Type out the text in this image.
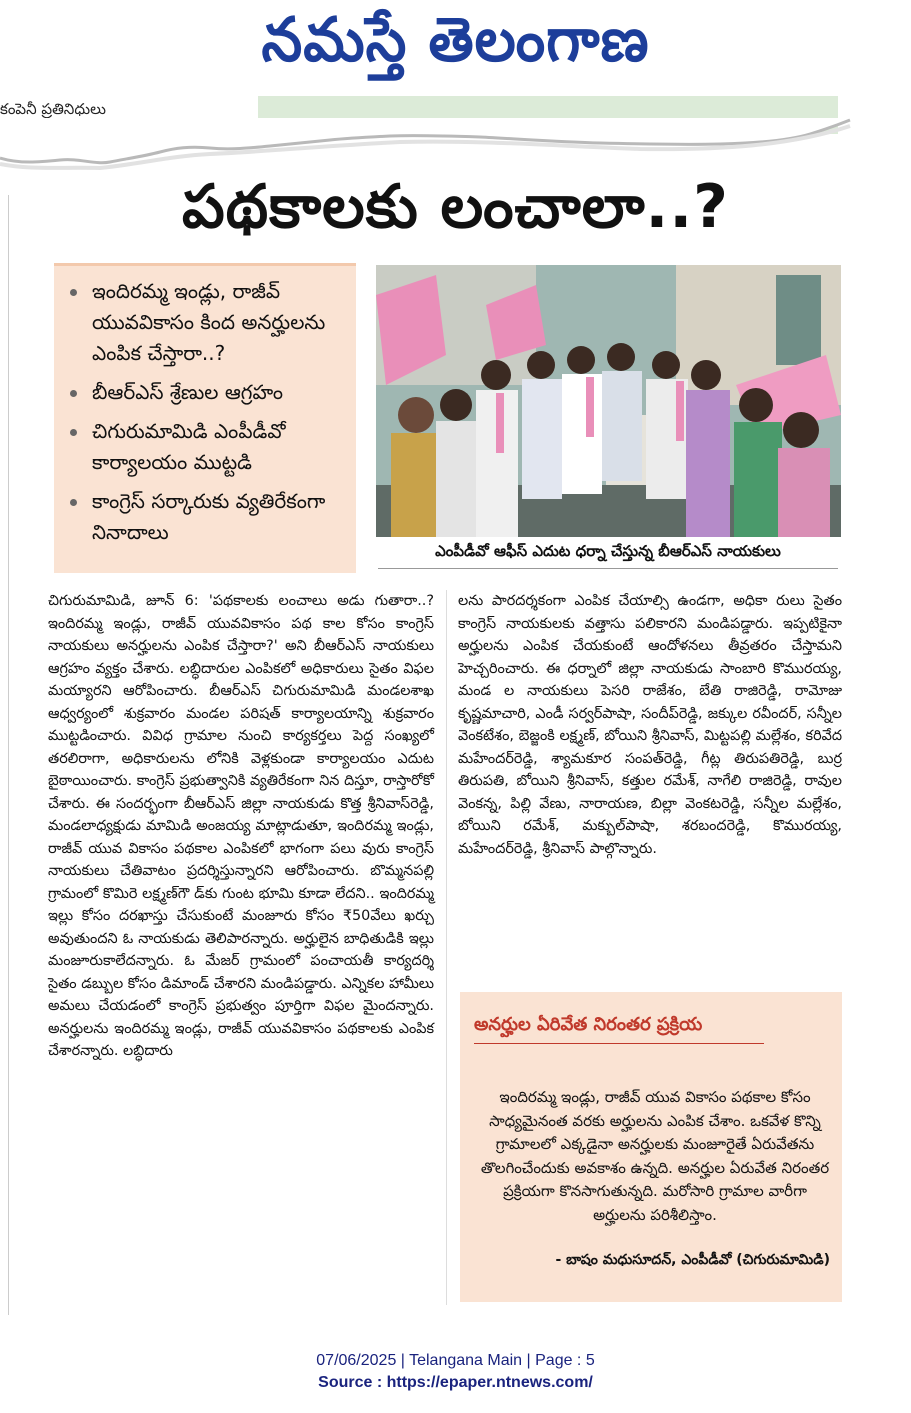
నమస్తే తెలంగాణ
కంపెనీ ప్రతినిధులు
పథకాలకు లంచాలా..?
ఇందిరమ్మ ఇండ్లు, రాజీవ్ యువవికాసం కింద అనర్హులను ఎంపిక చేస్తారా..?
బీఆర్ఎస్ శ్రేణుల ఆగ్రహం
చిగురుమామిడి ఎంపీడీవో కార్యాలయం ముట్టడి
కాంగ్రెస్ సర్కారుకు వ్యతిరేకంగా నినాదాలు
ఎంపీడీవో ఆఫీస్ ఎదుట ధర్నా చేస్తున్న బీఆర్ఎస్ నాయకులు

చిగురుమామిడి, జూన్ 6: 'పథకాలకు లంచాలు అడు గుతారా..? ఇందిరమ్మ ఇండ్లు, రాజీవ్ యువవికాసం పథ కాల కోసం కాంగ్రెస్ నాయకులు అనర్హులను ఎంపిక చేస్తారా?' అని బీఆర్ఎస్ నాయకులు ఆగ్రహం వ్యక్తం చేశారు. లబ్ధిదారుల ఎంపికలో అధికారులు సైతం విఫల మయ్యారని ఆరోపించారు. బీఆర్ఎస్ చిగురుమామిడి మండలశాఖ ఆధ్వర్యంలో శుక్రవారం మండల పరిషత్ కార్యాలయాన్ని శుక్రవారం ముట్టడించారు. వివిధ గ్రామాల నుంచి కార్యకర్తలు పెద్ద సంఖ్యలో తరలిరాగా, అధికారులను లోనికి వెళ్లకుండా కార్యాలయం ఎదుట బైఠాయించారు. కాంగ్రెస్ ప్రభుత్వానికి వ్యతిరేకంగా నిన దిస్తూ, రాస్తారోకో చేశారు. ఈ సందర్భంగా బీఆర్ఎస్ జిల్లా నాయకుడు కొత్త శ్రీనివాస్‌రెడ్డి, మండలాధ్యక్షుడు మామిడి అంజయ్య మాట్లాడుతూ, ఇందిరమ్మ ఇండ్లు, రాజీవ్ యువ వికాసం పథకాల ఎంపికలో భాగంగా పలు వురు కాంగ్రెస్ నాయకులు చేతివాటం ప్రదర్శిస్తున్నారని ఆరోపించారు. బొమ్మనపల్లి గ్రామంలో కొమిరె లక్ష్మణ్‌గౌ డ్‌కు గుంట భూమి కూడా లేదని.. ఇందిరమ్మ ఇల్లు కోసం దరఖాస్తు చేసుకుంటే మంజూరు కోసం ₹50వేలు ఖర్చు అవుతుందని ఓ నాయకుడు తెలిపారన్నారు. అర్హులైన బాధితుడికి ఇల్లు మంజూరుకాలేదన్నారు. ఓ మేజర్ గ్రామంలో పంచాయతీ కార్యదర్శి సైతం డబ్బుల కోసం డిమాండ్ చేశారని మండిపడ్డారు. ఎన్నికల హామీలు అమలు చేయడంలో కాంగ్రెస్ ప్రభుత్వం పూర్తిగా విఫల మైందన్నారు. అనర్హులను ఇందిరమ్మ ఇండ్లు, రాజీవ్ యువవికాసం పథకాలకు ఎంపిక చేశారన్నారు. లబ్ధిదారు

లను పారదర్శకంగా ఎంపిక చేయాల్సి ఉండగా, అధికా రులు సైతం కాంగ్రెస్ నాయకులకు వత్తాసు పలికారని మండిపడ్డారు. ఇప్పటికైనా అర్హులను ఎంపిక చేయకుంటే ఆందోళనలు తీవ్రతరం చేస్తామని హెచ్చరించారు. ఈ ధర్నాలో జిల్లా నాయకుడు సాంబారి కొమురయ్య, మండ ల నాయకులు పెసరి రాజేశం, బేతి రాజిరెడ్డి, రామోజు కృష్ణమాచారి, ఎండీ సర్వర్‌పాషా, సందీప్‌రెడ్డి, జక్కుల రవీందర్, సన్నీల వెంకటేశం, బెజ్జంకి లక్ష్మణ్, బోయిని శ్రీనివాస్, మిట్టపల్లి మల్లేశం, కరివేద మహేందర్‌రెడ్డి, శ్యామకూర సంపత్‌రెడ్డి, గీట్ల తిరుపతిరెడ్డి, బుర్ర తిరుపతి, బోయిని శ్రీనివాస్, కత్తుల రమేశ్, నాగేలి రాజిరెడ్డి, రావుల వెంకన్న, పిల్లి వేణు, నారాయణ, బిల్లా వెంకటరెడ్డి, సన్నీల మల్లేశం, బోయిని రమేశ్, మక్బుల్‌పాషా, శరబందరెడ్డి, కొమురయ్య, మహేందర్‌రెడ్డి, శ్రీనివాస్ పాల్గొన్నారు.

అనర్హుల ఏరివేత నిరంతర ప్రక్రియ
ఇందిరమ్మ ఇండ్లు, రాజీవ్ యువ వికాసం పథకాల కోసం సాధ్యమైనంత వరకు అర్హులను ఎంపిక చేశాం. ఒకవేళ కొన్ని గ్రామాలలో ఎక్కడైనా అనర్హులకు మంజూరైతే ఏరువేతను తొలగించేందుకు అవకాశం ఉన్నది. అనర్హుల ఏరువేత నిరంతర ప్రక్రియగా కొనసాగుతున్నది. మరోసారి గ్రామాల వారీగా అర్హులను పరిశీలిస్తాం.
- బాషం మధుసూదన్, ఎంపీడీవో (చిగురుమామిడి)
07/06/2025 | Telangana Main | Page : 5
Source : https://epaper.ntnews.com/
